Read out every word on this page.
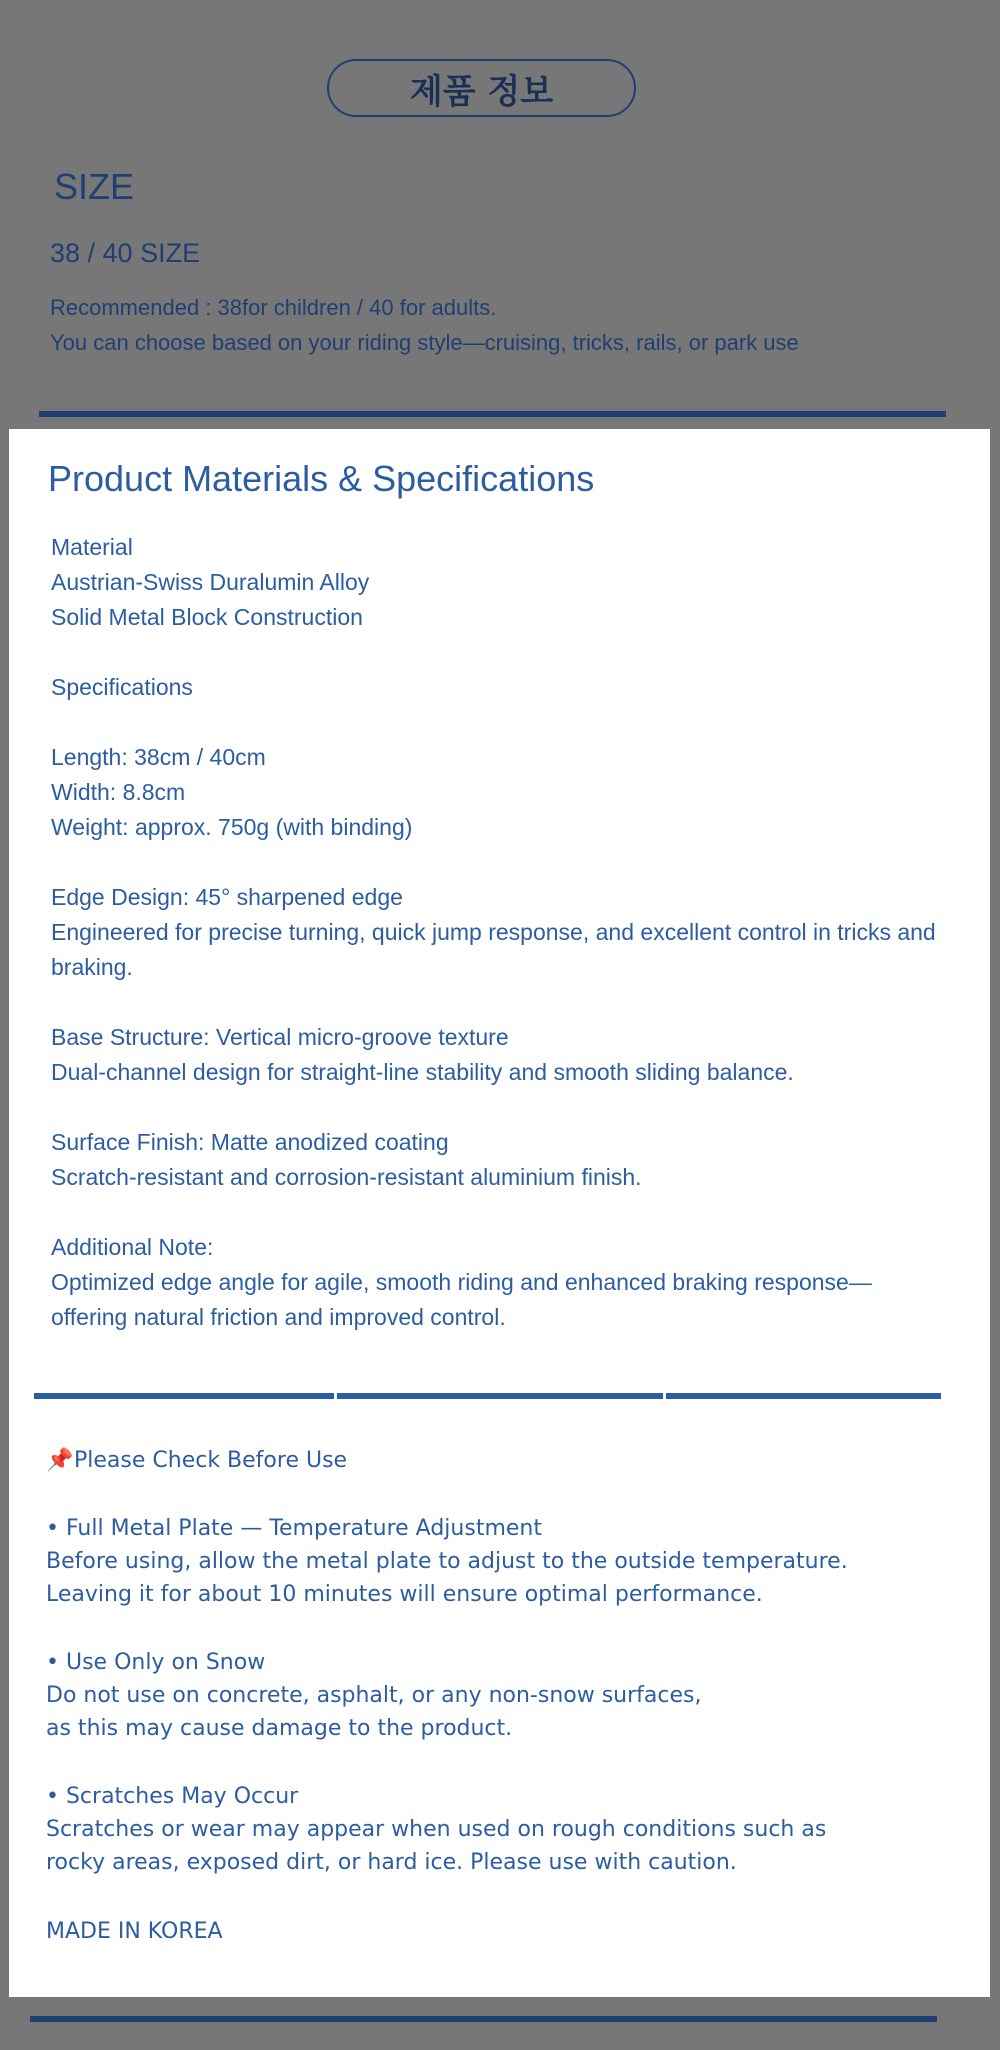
제품 정보
SIZE
38 / 40 SIZE
Recommended : 38for children / 40 for adults.
You can choose based on your riding style—cruising, tricks, rails, or park use
Product Materials & Specifications
Material
Austrian-Swiss Duralumin Alloy
Solid Metal Block Construction
Specifications
Length: 38cm / 40cm
Width: 8.8cm
Weight: approx. 750g (with binding)
Edge Design: 45° sharpened edge
Engineered for precise turning, quick jump response, and excellent control in tricks and braking.
Base Structure: Vertical micro-groove texture
Dual-channel design for straight-line stability and smooth sliding balance.
Surface Finish: Matte anodized coating
Scratch-resistant and corrosion-resistant aluminium finish.
Additional Note:
Optimized edge angle for agile, smooth riding and enhanced braking response—
offering natural friction and improved control.
📌Please Check Before Use
• Full Metal Plate — Temperature Adjustment
Before using, allow the metal plate to adjust to the outside temperature.
Leaving it for about 10 minutes will ensure optimal performance.
• Use Only on Snow
Do not use on concrete, asphalt, or any non-snow surfaces,
as this may cause damage to the product.
• Scratches May Occur
Scratches or wear may appear when used on rough conditions such as
rocky areas, exposed dirt, or hard ice. Please use with caution.
MADE IN KOREA
